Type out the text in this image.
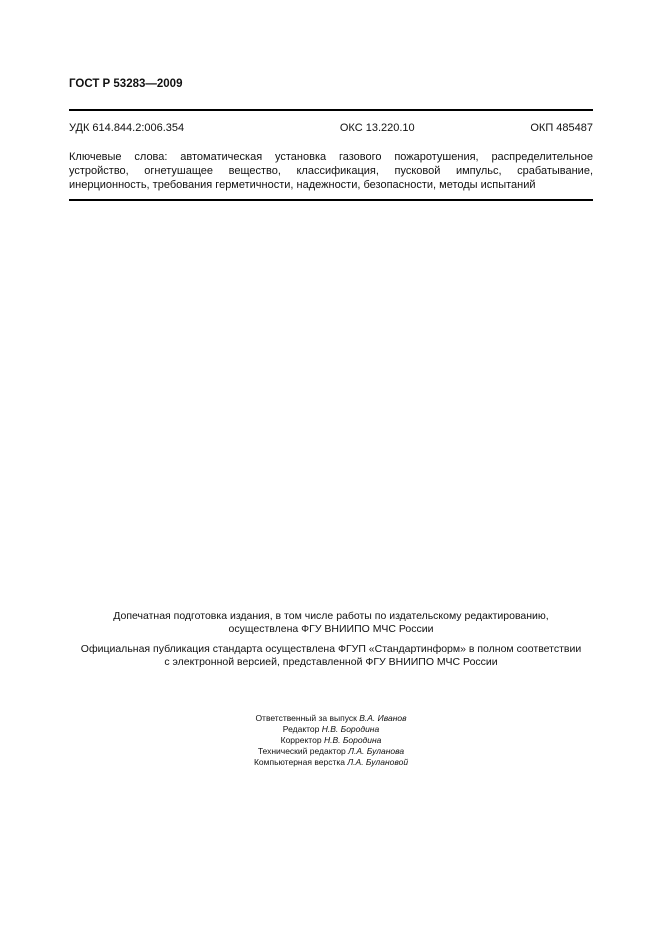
ГОСТ Р 53283—2009
УДК 614.844.2:006.354	ОКС 13.220.10	ОКП 485487
Ключевые слова: автоматическая установка газового пожаротушения, распределительное устройство, огнетушащее вещество, классификация, пусковой импульс, срабатывание, инерционность, требования герметичности, надежности, безопасности, методы испытаний
Допечатная подготовка издания, в том числе работы по издательскому редактированию,
осуществлена ФГУ ВНИИПО МЧС России
Официальная публикация стандарта осуществлена ФГУП «Стандартинформ» в полном соответствии
с электронной версией, представленной ФГУ ВНИИПО МЧС России
Ответственный за выпуск В.А. Иванов
Редактор Н.В. Бородина
Корректор Н.В. Бородина
Технический редактор Л.А. Буланова
Компьютерная верстка Л.А. Булановой
